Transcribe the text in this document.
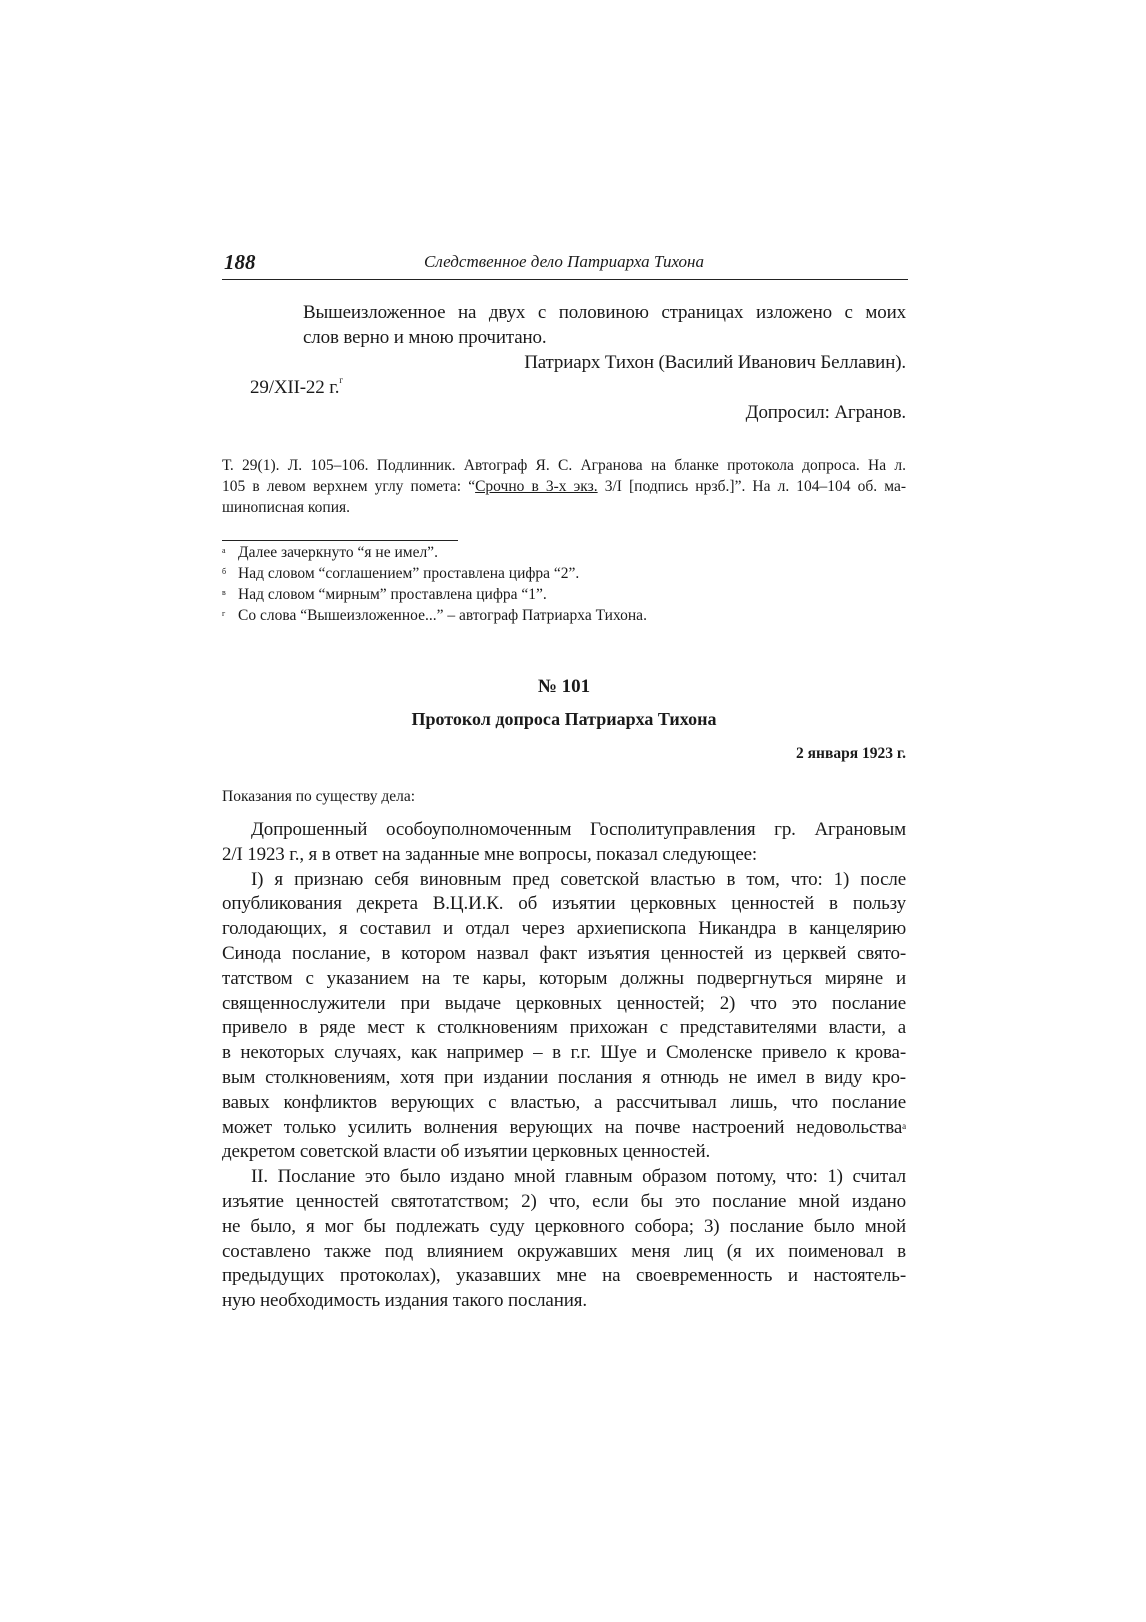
188	Следственное дело Патриарха Тихона
Вышеизложенное на двух с половиною страницах изложено с моих
слов верно и мною прочитано.
Патриарх Тихон (Василий Иванович Беллавин).
29/XII-22 г.$^г$
Допросил: Агранов.
Т. 29(1). Л. 105–106. Подлинник. Автограф Я. С. Агранова на бланке протокола допроса. На л.
105 в левом верхнем углу помета: “Срочно в 3-х экз. 3/I [подпись нрзб.]”. На л. 104–104 об. ма-
шинописная копия.
$^а$ Далее зачеркнуто “я не имел”.
$^б$ Над словом “соглашением” проставлена цифра “2”.
$^в$ Над словом “мирным” проставлена цифра “1”.
$^г$ Со слова “Вышеизложенное...” – автограф Патриарха Тихона.
№ 101
Протокол допроса Патриарха Тихона
2 января 1923 г.
Показания по существу дела:
Допрошенный особоуполномоченным Госполитуправления гр. Аграновым
2/I 1923 г., я в ответ на заданные мне вопросы, показал следующее:
I) я признаю себя виновным пред советской властью в том, что: 1) после
опубликования декрета В.Ц.И.К. об изъятии церковных ценностей в пользу
голодающих, я составил и отдал через архиепископа Никандра в канцелярию
Синода послание, в котором назвал факт изъятия ценностей из церквей свято-
татством с указанием на те кары, которым должны подвергнуться миряне и
священнослужители при выдаче церковных ценностей; 2) что это послание
привело в ряде мест к столкновениям прихожан с представителями власти, а
в некоторых случаях, как например – в г.г. Шуе и Смоленске привело к крова-
вым столкновениям, хотя при издании послания я отнюдь не имел в виду кро-
вавых конфликтов верующих с властью, а рассчитывал лишь, что послание
может только усилить волнения верующих на почве настроений недовольства$^а$
декретом советской власти об изъятии церковных ценностей.
II. Послание это было издано мной главным образом потому, что: 1) считал
изъятие ценностей святотатством; 2) что, если бы это послание мной издано
не было, я мог бы подлежать суду церковного собора; 3) послание было мной
составлено также под влиянием окружавших меня лиц (я их поименовал в
предыдущих протоколах), указавших мне на своевременность и настоятель-
ную необходимость издания такого послания.
